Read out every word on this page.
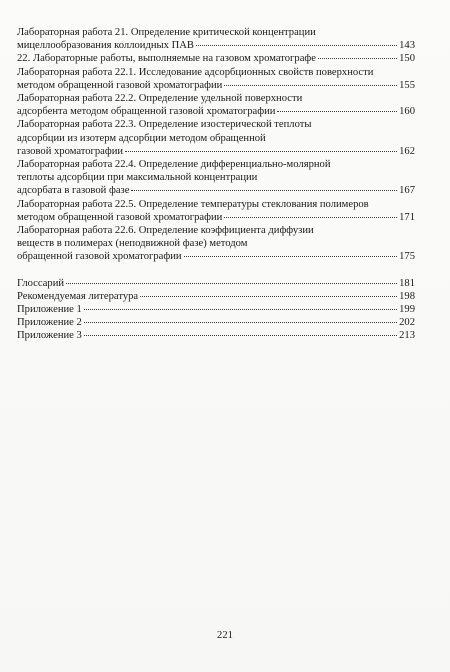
Лабораторная работа 21. Определение критической концентрации
мицеллообразования коллоидных ПАВ	143
22. Лабораторные работы, выполняемые на газовом хроматографе	150
Лабораторная работа 22.1. Исследование адсорбционных свойств поверхности
методом обращенной газовой хроматографии	155
Лабораторная работа 22.2. Определение удельной поверхности
адсорбента методом обращенной газовой хроматографии	160
Лабораторная работа 22.3. Определение изостерической теплоты
адсорбции из изотерм адсорбции методом обращенной
газовой хроматографии	162
Лабораторная работа 22.4. Определение дифференциально-молярной
теплоты адсорбции при максимальной концентрации
адсорбата в газовой фазе	167
Лабораторная работа 22.5. Определение температуры стеклования полимеров
методом обращенной газовой хроматографии	171
Лабораторная работа 22.6. Определение коэффициента диффузии
веществ в полимерах (неподвижной фазе) методом
обращенной газовой хроматографии	175
Глоссарий	181
Рекомендуемая литература	198
Приложение 1	199
Приложение 2	202
Приложение 3	213
221
